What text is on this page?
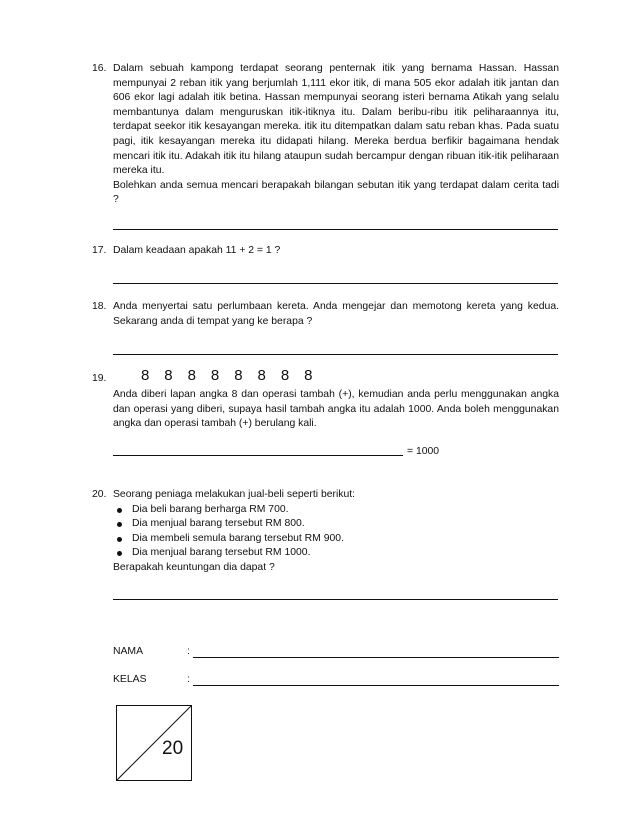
16. Dalam sebuah kampong terdapat seorang penternak itik yang bernama Hassan. Hassan mempunyai 2 reban itik yang berjumlah 1,111 ekor itik, di mana 505 ekor adalah itik jantan dan 606 ekor lagi adalah itik betina. Hassan mempunyai seorang isteri bernama Atikah yang selalu membantunya dalam menguruskan itik-itiknya itu. Dalam beribu-ribu itik peliharaannya itu, terdapat seekor itik kesayangan mereka. itik itu ditempatkan dalam satu reban khas. Pada suatu pagi, itik kesayangan mereka itu didapati hilang. Mereka berdua berfikir bagaimana hendak mencari itik itu. Adakah itik itu hilang ataupun sudah bercampur dengan ribuan itik-itik peliharaan mereka itu.

Bolehkan anda semua mencari berapakah bilangan sebutan itik yang terdapat dalam cerita tadi ?

17. Dalam keadaan apakah 11 + 2 = 1 ?

18. Anda menyertai satu perlumbaan kereta. Anda mengejar dan memotong kereta yang kedua. Sekarang anda di tempat yang ke berapa ?

19. 8 8 8 8 8 8 8 8

Anda diberi lapan angka 8 dan operasi tambah (+), kemudian anda perlu menggunakan angka dan operasi yang diberi, supaya hasil tambah angka itu adalah 1000. Anda boleh menggunakan angka dan operasi tambah (+) berulang kali.

= 1000
20. Seorang peniaga melakukan jual-beli seperti berikut:

Dia beli barang berharga RM 700.
Dia menjual barang tersebut RM 800.
Dia membeli semula barang tersebut RM 900.
Dia menjual barang tersebut RM 1000.

Berapakah keuntungan dia dapat ?

NAMA	:
KELAS	:
20
